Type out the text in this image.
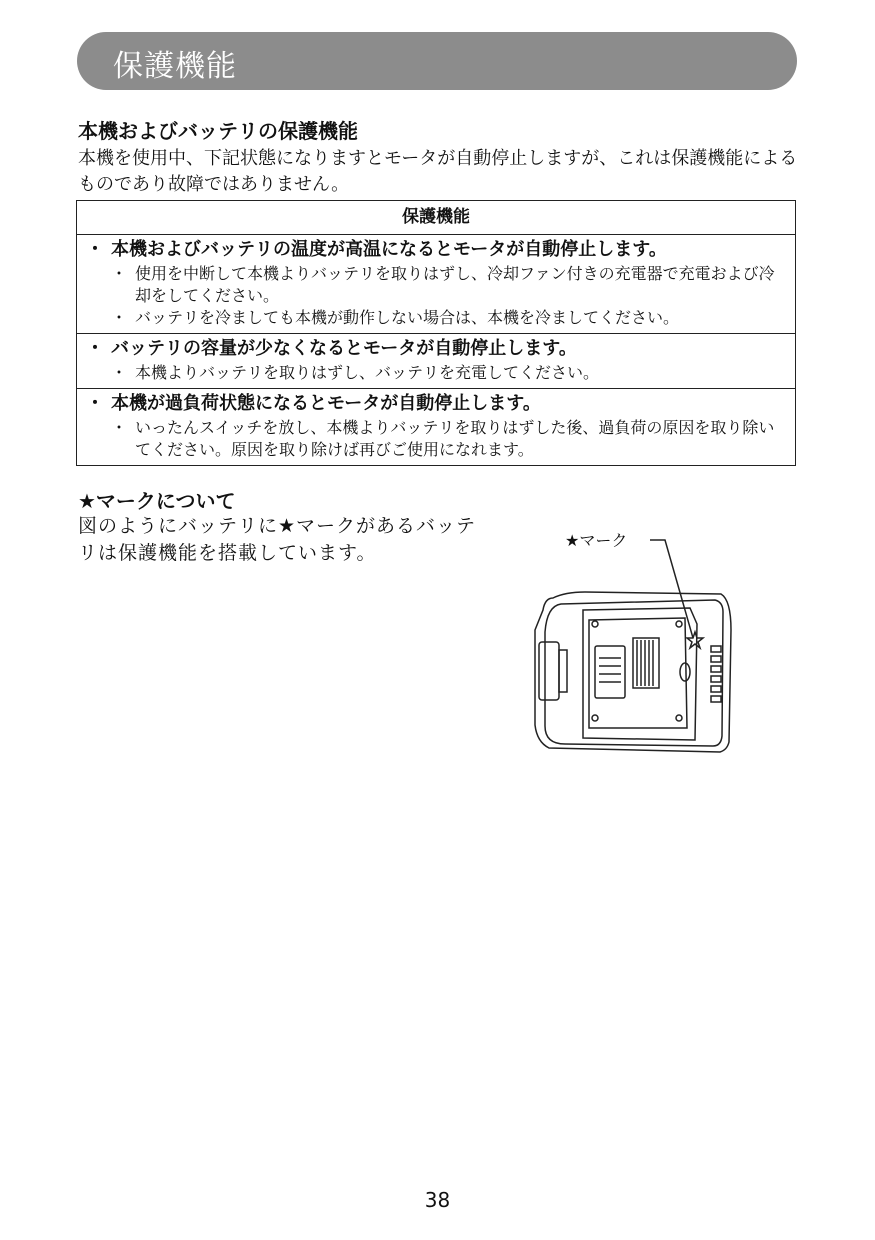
保護機能
本機およびバッテリの保護機能

本機を使用中、下記状態になりますとモータが自動停止しますが、これは保護機能によるものであり故障ではありません。

保護機能
・ 本機およびバッテリの温度が高温になるとモータが自動停止します。
・ 使用を中断して本機よりバッテリを取りはずし、冷却ファン付きの充電器で充電および冷却をしてください。
・ バッテリを冷ましても本機が動作しない場合は、本機を冷ましてください。
・ バッテリの容量が少なくなるとモータが自動停止します。
・ 本機よりバッテリを取りはずし、バッテリを充電してください。
・ 本機が過負荷状態になるとモータが自動停止します。
・ いったんスイッチを放し、本機よりバッテリを取りはずした後、過負荷の原因を取り除いてください。原因を取り除けば再びご使用になれます。
★マークについて

図のようにバッテリに★マークがあるバッテリは保護機能を搭載しています。

★マーク
38
